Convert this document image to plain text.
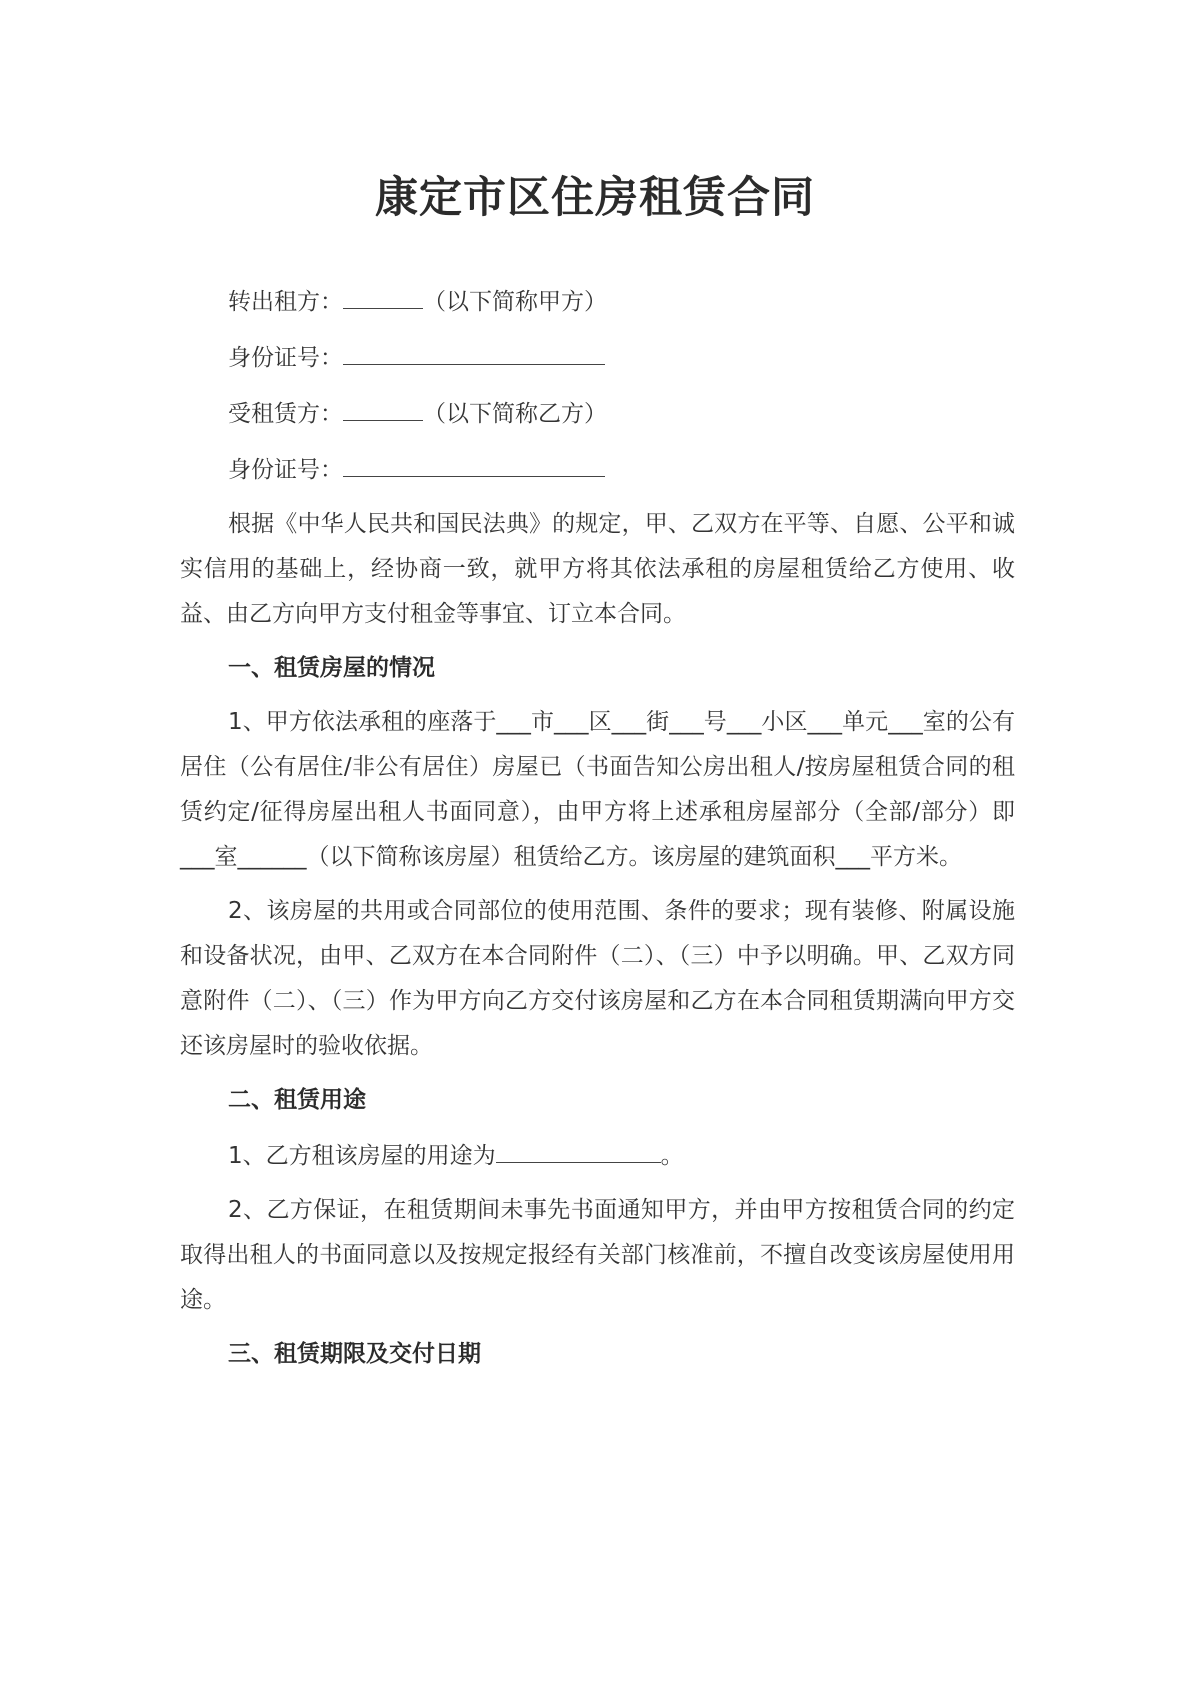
康定市区住房租赁合同

转出租方：	（以下简称甲方）

身份证号：

受租赁方：	（以下简称乙方）

身份证号：

根据《中华人民共和国民法典》的规定，甲、乙双方在平等、自愿、公平和诚实信用的基础上，经协商一致，就甲方将其依法承租的房屋租赁给乙方使用、收益、由乙方向甲方支付租金等事宜、订立本合同。

一、租赁房屋的情况

1、甲方依法承租的座落于___市___区___街___号___小区___单元___室的公有居住（公有居住/非公有居住）房屋已（书面告知公房出租人/按房屋租赁合同的租赁约定/征得房屋出租人书面同意），由甲方将上述承租房屋部分（全部/部分）即___室______（以下简称该房屋）租赁给乙方。该房屋的建筑面积___平方米。

2、该房屋的共用或合同部位的使用范围、条件的要求；现有装修、附属设施和设备状况，由甲、乙双方在本合同附件（二）、（三）中予以明确。甲、乙双方同意附件（二）、（三）作为甲方向乙方交付该房屋和乙方在本合同租赁期满向甲方交还该房屋时的验收依据。

二、租赁用途

1、乙方租该房屋的用途为	。

2、乙方保证，在租赁期间未事先书面通知甲方，并由甲方按租赁合同的约定取得出租人的书面同意以及按规定报经有关部门核准前，不擅自改变该房屋使用用途。

三、租赁期限及交付日期
